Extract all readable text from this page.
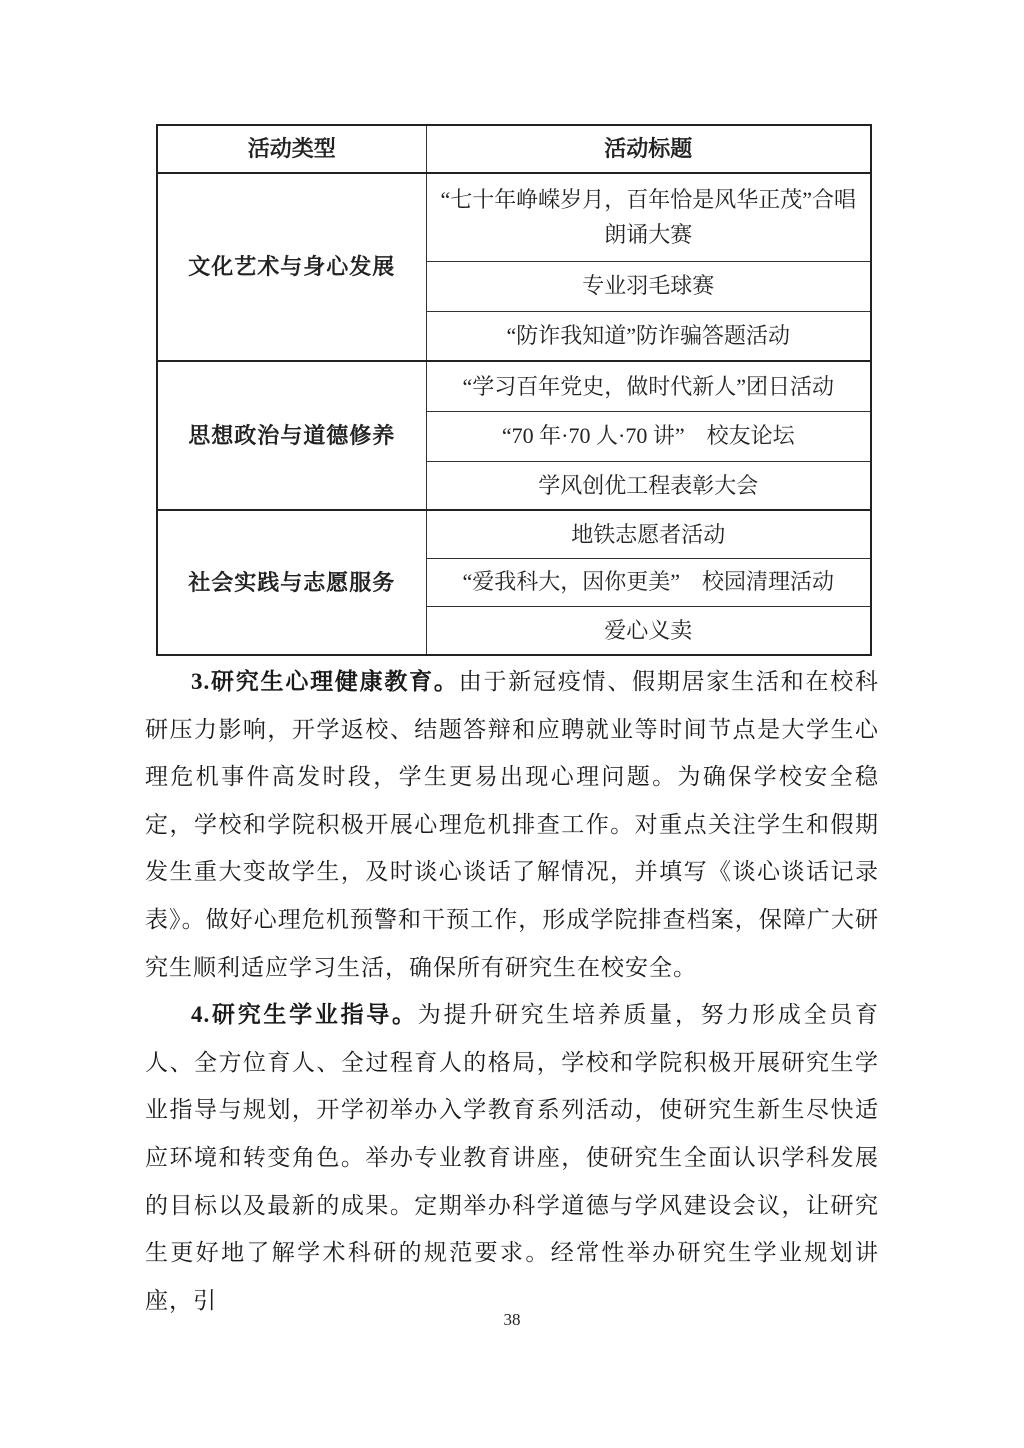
活动类型	活动标题
文化艺术与身心发展	“七十年峥嵘岁月，百年恰是风华正茂”合唱朗诵大赛
	专业羽毛球赛
	“防诈我知道”防诈骗答题活动
思想政治与道德修养	“学习百年党史，做时代新人”团日活动
	“70 年·70 人·70 讲”　校友论坛
	学风创优工程表彰大会
社会实践与志愿服务	地铁志愿者活动
	“爱我科大，因你更美”　校园清理活动
	爱心义卖

3.研究生心理健康教育。由于新冠疫情、假期居家生活和在校科研压力影响，开学返校、结题答辩和应聘就业等时间节点是大学生心理危机事件高发时段，学生更易出现心理问题。为确保学校安全稳定，学校和学院积极开展心理危机排查工作。对重点关注学生和假期发生重大变故学生，及时谈心谈话了解情况，并填写《谈心谈话记录表》。做好心理危机预警和干预工作，形成学院排查档案，保障广大研究生顺利适应学习生活，确保所有研究生在校安全。

4.研究生学业指导。为提升研究生培养质量，努力形成全员育人、全方位育人、全过程育人的格局，学校和学院积极开展研究生学业指导与规划，开学初举办入学教育系列活动，使研究生新生尽快适应环境和转变角色。举办专业教育讲座，使研究生全面认识学科发展的目标以及最新的成果。定期举办科学道德与学风建设会议，让研究生更好地了解学术科研的规范要求。经常性举办研究生学业规划讲座，引

38
